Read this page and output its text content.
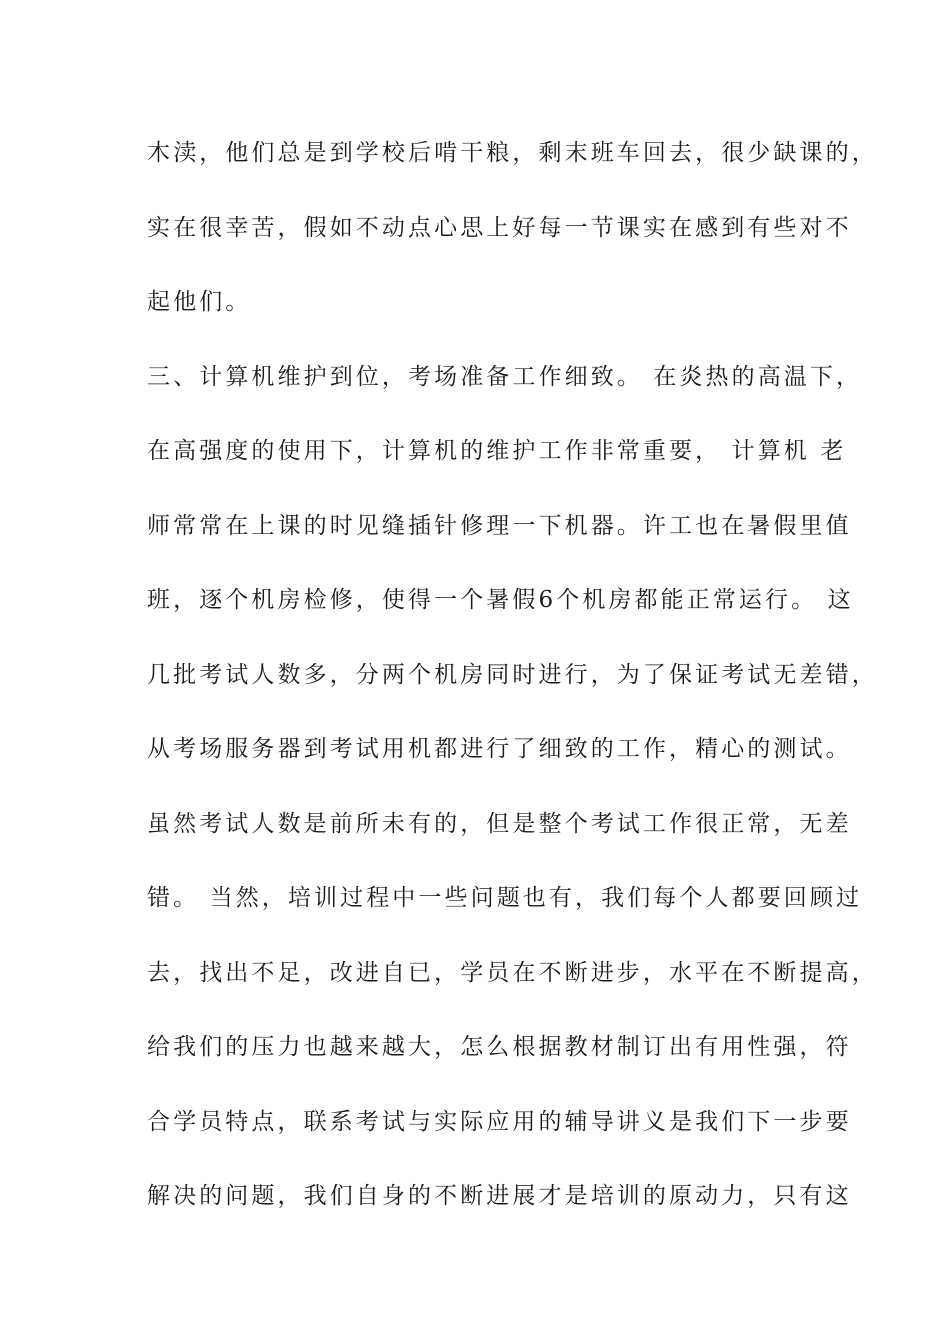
木渎，他们总是到学校后啃干粮，剩末班车回去，很少缺课的，
实在很幸苦，假如不动点心思上好每一节课实在感到有些对不
起他们。
三、计算机维护到位，考场准备工作细致。 在炎热的高温下，
在高强度的使用下，计算机的维护工作非常重要， 计算机 老
师常常在上课的时见缝插针修理一下机器。许工也在暑假里值
班，逐个机房检修，使得一个暑假6个机房都能正常运行。 这
几批考试人数多，分两个机房同时进行，为了保证考试无差错，
从考场服务器到考试用机都进行了细致的工作，精心的测试。
虽然考试人数是前所未有的，但是整个考试工作很正常，无差
错。 当然，培训过程中一些问题也有，我们每个人都要回顾过
去，找出不足，改进自已，学员在不断进步，水平在不断提高，
给我们的压力也越来越大，怎么根据教材制订出有用性强，符
合学员特点，联系考试与实际应用的辅导讲义是我们下一步要
解决的问题，我们自身的不断进展才是培训的原动力，只有这
